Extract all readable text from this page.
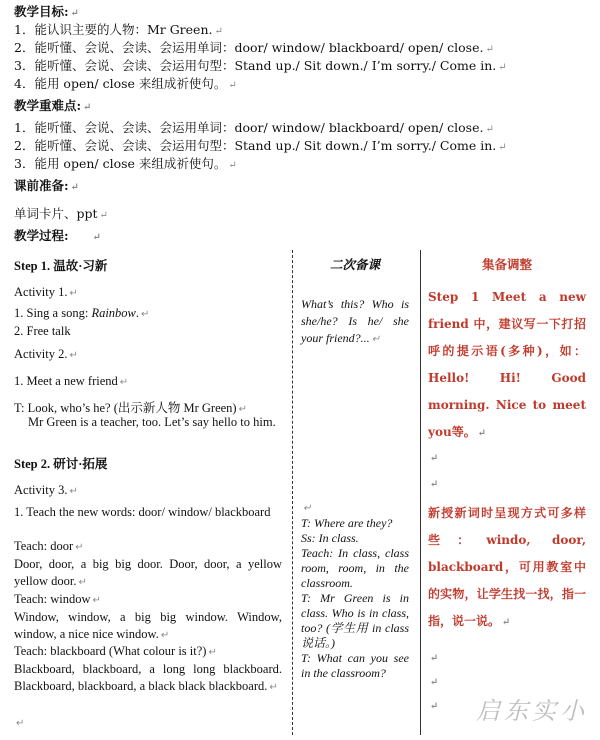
教学目标: ↵
1．能认识主要的人物：Mr Green. ↵
2．能听懂、会说、会读、会运用单词：door/ window/ blackboard/ open/ close. ↵
3．能听懂、会说、会读、会运用句型：Stand up./ Sit down./ I’m sorry./ Come in. ↵
4．能用 open/ close 来组成祈使句。 ↵
教学重难点: ↵
1．能听懂、会说、会读、会运用单词：door/ window/ blackboard/ open/ close. ↵
2．能听懂、会说、会读、会运用句型：Stand up./ Sit down./ I’m sorry./ Come in. ↵
3．能用 open/ close 来组成祈使句。 ↵
课前准备: ↵
单词卡片、ppt ↵
教学过程: ↵
Step 1. 温故·习新
Activity 1. ↵
1. Sing a song: Rainbow. ↵
2. Free talk
Activity 2. ↵
1. Meet a new friend ↵
T: Look, who’s he? (出示新人物 Mr Green) ↵
Mr Green is a teacher, too. Let’s say hello to him.
Step 2. 研讨·拓展
Activity 3. ↵
1. Teach the new words: door/ window/ blackboard
Teach: door ↵
Door, door, a big big door. Door, door, a yellow yellow door. ↵
Teach: window ↵
Window, window, a big big window. Window, window, a nice nice window. ↵
Teach: blackboard (What colour is it?) ↵
Blackboard, blackboard, a long long blackboard. Blackboard, blackboard, a black black blackboard. ↵
↵
二次备课
What’s this? Who is she/he? Is he/ she your friend?... ↵
↵
T: Where are they?
Ss: In class.
Teach: In class, class room, room, in the classroom.
T: Mr Green is in class. Who is in class, too? (学生用 in class 说话。)
T: What can you see in the classroom?
集备调整
Step 1 Meet a new friend 中，建议写一下打招呼的提示语(多种)，如：Hello! Hi! Good morning. Nice to meet you等。 ↵
↵
↵
新授新词时呈现方式可多样些：windo, door, blackboard，可用教室中的实物，让学生找一找，指一指，说一说。 ↵
↵
↵
↵	启东实小
